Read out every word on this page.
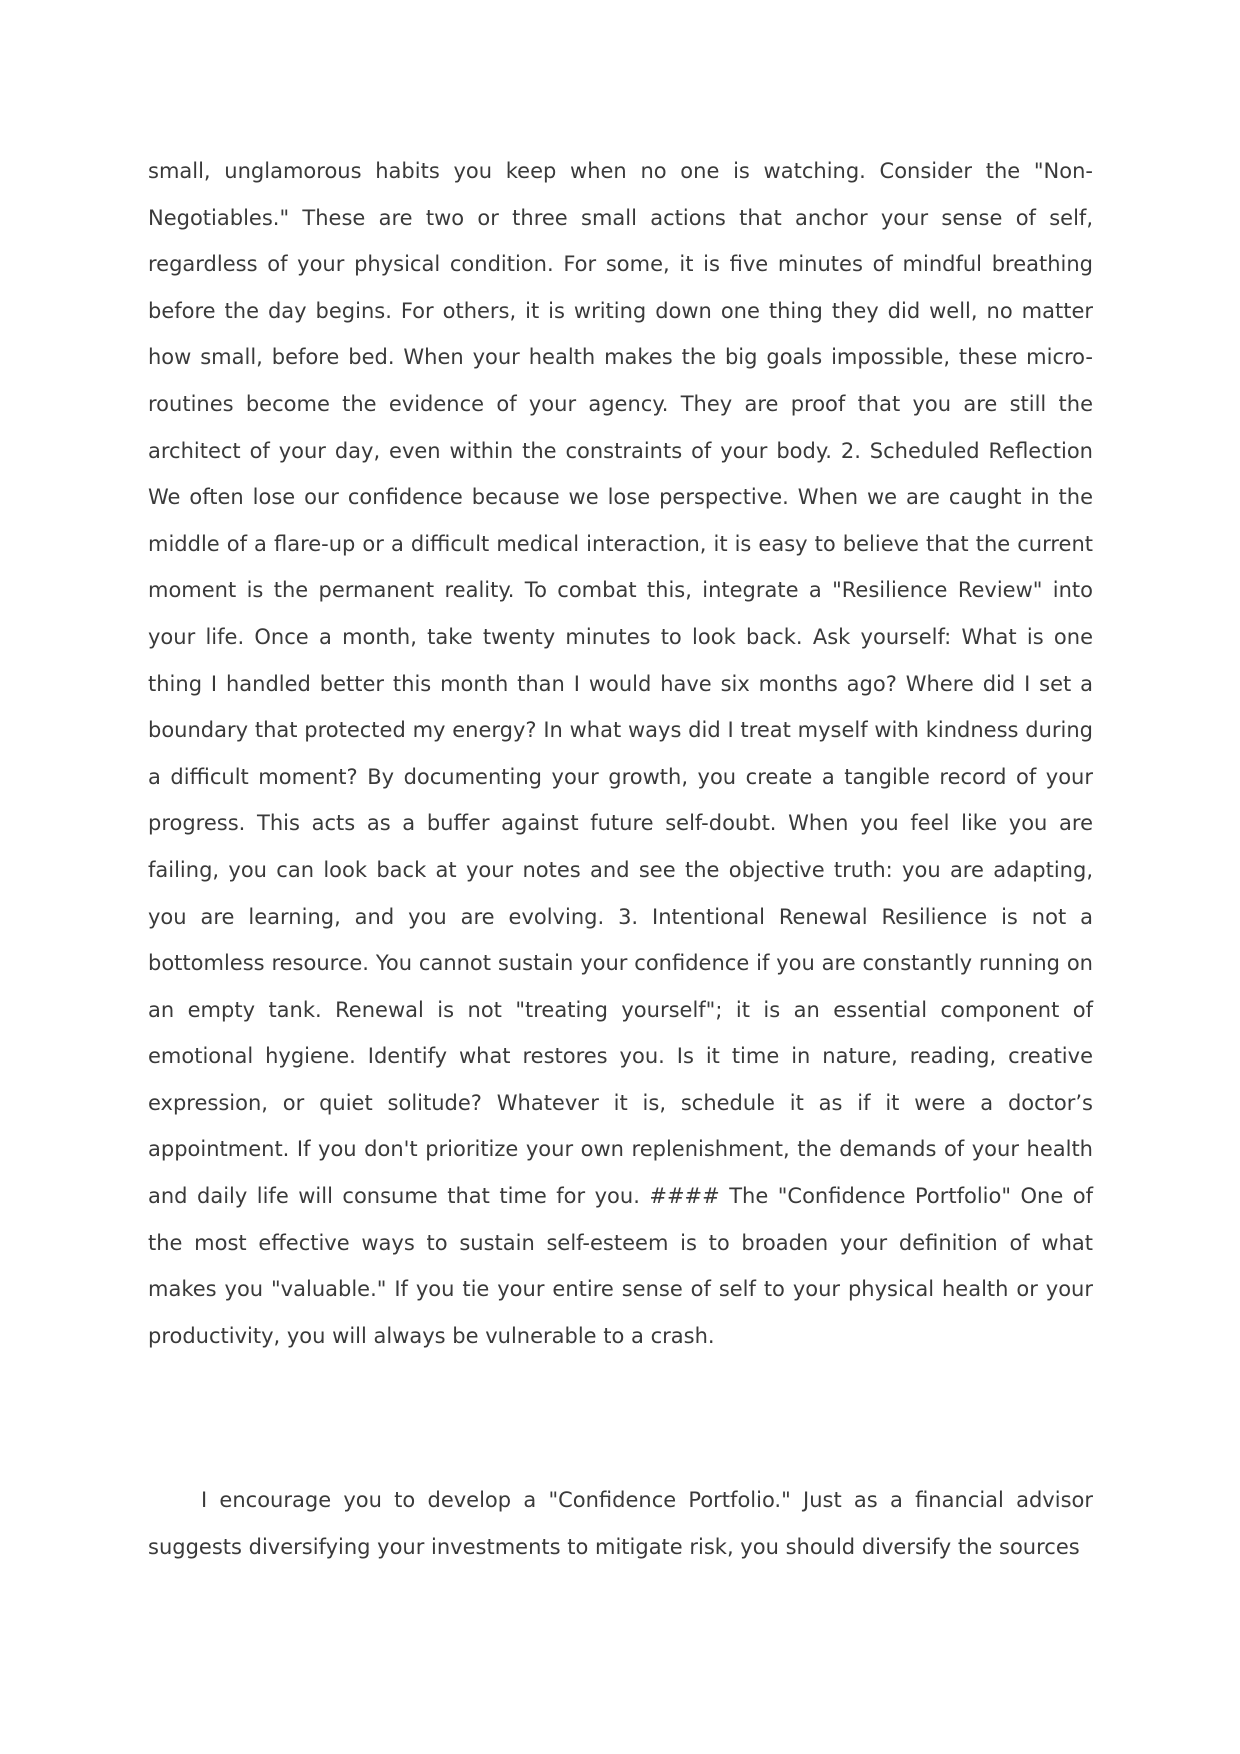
small, unglamorous habits you keep when no one is watching. Consider the "Non-Negotiables." These are two or three small actions that anchor your sense of self, regardless of your physical condition. For some, it is five minutes of mindful breathing before the day begins. For others, it is writing down one thing they did well, no matter how small, before bed. When your health makes the big goals impossible, these micro-routines become the evidence of your agency. They are proof that you are still the architect of your day, even within the constraints of your body. 2. Scheduled Reflection We often lose our confidence because we lose perspective. When we are caught in the middle of a flare-up or a difficult medical interaction, it is easy to believe that the current moment is the permanent reality. To combat this, integrate a "Resilience Review" into your life. Once a month, take twenty minutes to look back. Ask yourself: What is one thing I handled better this month than I would have six months ago? Where did I set a boundary that protected my energy? In what ways did I treat myself with kindness during a difficult moment? By documenting your growth, you create a tangible record of your progress. This acts as a buffer against future self-doubt. When you feel like you are failing, you can look back at your notes and see the objective truth: you are adapting, you are learning, and you are evolving. 3. Intentional Renewal Resilience is not a bottomless resource. You cannot sustain your confidence if you are constantly running on an empty tank. Renewal is not "treating yourself"; it is an essential component of emotional hygiene. Identify what restores you. Is it time in nature, reading, creative expression, or quiet solitude? Whatever it is, schedule it as if it were a doctor’s appointment. If you don't prioritize your own replenishment, the demands of your health and daily life will consume that time for you. #### The "Confidence Portfolio" One of the most effective ways to sustain self-esteem is to broaden your definition of what makes you "valuable." If you tie your entire sense of self to your physical health or your productivity, you will always be vulnerable to a crash.

I encourage you to develop a "Confidence Portfolio." Just as a financial advisor suggests diversifying your investments to mitigate risk, you should diversify the sources
